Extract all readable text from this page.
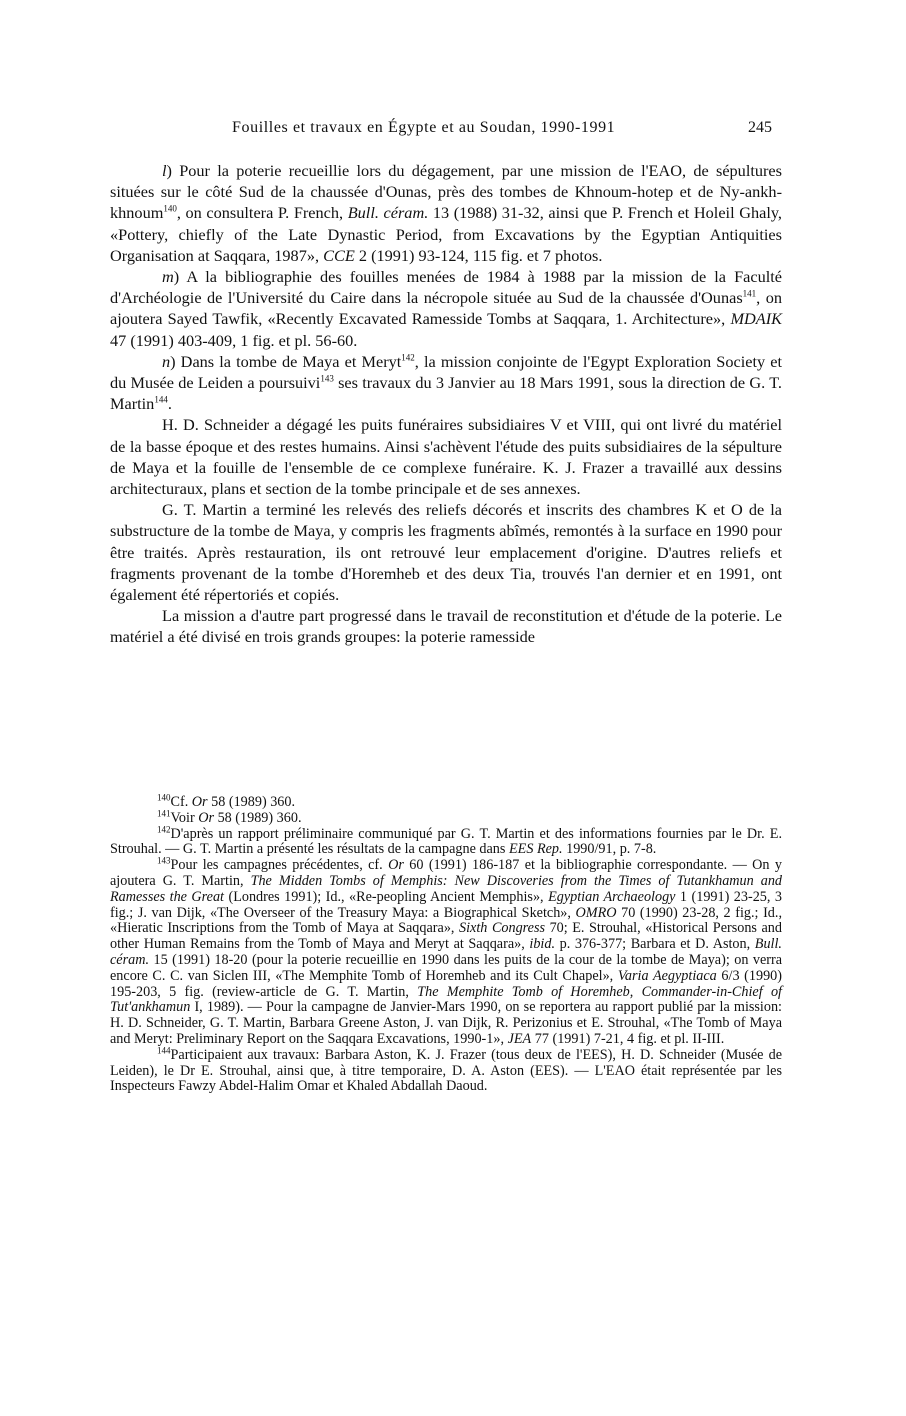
Fouilles et travaux en Égypte et au Soudan, 1990-1991	245

l) Pour la poterie recueillie lors du dégagement, par une mission de l'EAO, de sépultures situées sur le côté Sud de la chaussée d'Ounas, près des tombes de Khnoum-hotep et de Ny-ankh-khnoum$^{140}$, on consultera P. French, Bull. céram. 13 (1988) 31-32, ainsi que P. French et Holeil Ghaly, «Pottery, chiefly of the Late Dynastic Period, from Excavations by the Egyptian Antiquities Organisation at Saqqara, 1987», CCE 2 (1991) 93-124, 115 fig. et 7 photos.

m) A la bibliographie des fouilles menées de 1984 à 1988 par la mission de la Faculté d'Archéologie de l'Université du Caire dans la nécropole située au Sud de la chaussée d'Ounas$^{141}$, on ajoutera Sayed Tawfik, «Recently Excavated Ramesside Tombs at Saqqara, 1. Architecture», MDAIK 47 (1991) 403-409, 1 fig. et pl. 56-60.

n) Dans la tombe de Maya et Meryt$^{142}$, la mission conjointe de l'Egypt Exploration Society et du Musée de Leiden a poursuivi$^{143}$ ses travaux du 3 Janvier au 18 Mars 1991, sous la direction de G. T. Martin$^{144}$.

H. D. Schneider a dégagé les puits funéraires subsidiaires V et VIII, qui ont livré du matériel de la basse époque et des restes humains. Ainsi s'achèvent l'étude des puits subsidiaires de la sépulture de Maya et la fouille de l'ensemble de ce complexe funéraire. K. J. Frazer a travaillé aux dessins architecturaux, plans et section de la tombe principale et de ses annexes.

G. T. Martin a terminé les relevés des reliefs décorés et inscrits des chambres K et O de la substructure de la tombe de Maya, y compris les fragments abîmés, remontés à la surface en 1990 pour être traités. Après restauration, ils ont retrouvé leur emplacement d'origine. D'autres reliefs et fragments provenant de la tombe d'Horemheb et des deux Tia, trouvés l'an dernier et en 1991, ont également été répertoriés et copiés.

La mission a d'autre part progressé dans le travail de reconstitution et d'étude de la poterie. Le matériel a été divisé en trois grands groupes: la poterie ramesside

$^{140}$Cf. Or 58 (1989) 360.

$^{141}$Voir Or 58 (1989) 360.

$^{142}$D'après un rapport préliminaire communiqué par G. T. Martin et des informations fournies par le Dr. E. Strouhal. — G. T. Martin a présenté les résultats de la campagne dans EES Rep. 1990/91, p. 7-8.

$^{143}$Pour les campagnes précédentes, cf. Or 60 (1991) 186-187 et la bibliographie correspondante. — On y ajoutera G. T. Martin, The Midden Tombs of Memphis: New Discoveries from the Times of Tutankhamun and Ramesses the Great (Londres 1991); Id., «Re-peopling Ancient Memphis», Egyptian Archaeology 1 (1991) 23-25, 3 fig.; J. van Dijk, «The Overseer of the Treasury Maya: a Biographical Sketch», OMRO 70 (1990) 23-28, 2 fig.; Id., «Hieratic Inscriptions from the Tomb of Maya at Saqqara», Sixth Congress 70; E. Strouhal, «Historical Persons and other Human Remains from the Tomb of Maya and Meryt at Saqqara», ibid. p. 376-377; Barbara et D. Aston, Bull. céram. 15 (1991) 18-20 (pour la poterie recueillie en 1990 dans les puits de la cour de la tombe de Maya); on verra encore C. C. van Siclen III, «The Memphite Tomb of Horemheb and its Cult Chapel», Varia Aegyptiaca 6/3 (1990) 195-203, 5 fig. (review-article de G. T. Martin, The Memphite Tomb of Horemheb, Commander-in-Chief of Tut'ankhamun I, 1989). — Pour la campagne de Janvier-Mars 1990, on se reportera au rapport publié par la mission: H. D. Schneider, G. T. Martin, Barbara Greene Aston, J. van Dijk, R. Perizonius et E. Strouhal, «The Tomb of Maya and Meryt: Preliminary Report on the Saqqara Excavations, 1990-1», JEA 77 (1991) 7-21, 4 fig. et pl. II-III.

$^{144}$Participaient aux travaux: Barbara Aston, K. J. Frazer (tous deux de l'EES), H. D. Schneider (Musée de Leiden), le Dr E. Strouhal, ainsi que, à titre temporaire, D. A. Aston (EES). — L'EAO était représentée par les Inspecteurs Fawzy Abdel-Halim Omar et Khaled Abdallah Daoud.
